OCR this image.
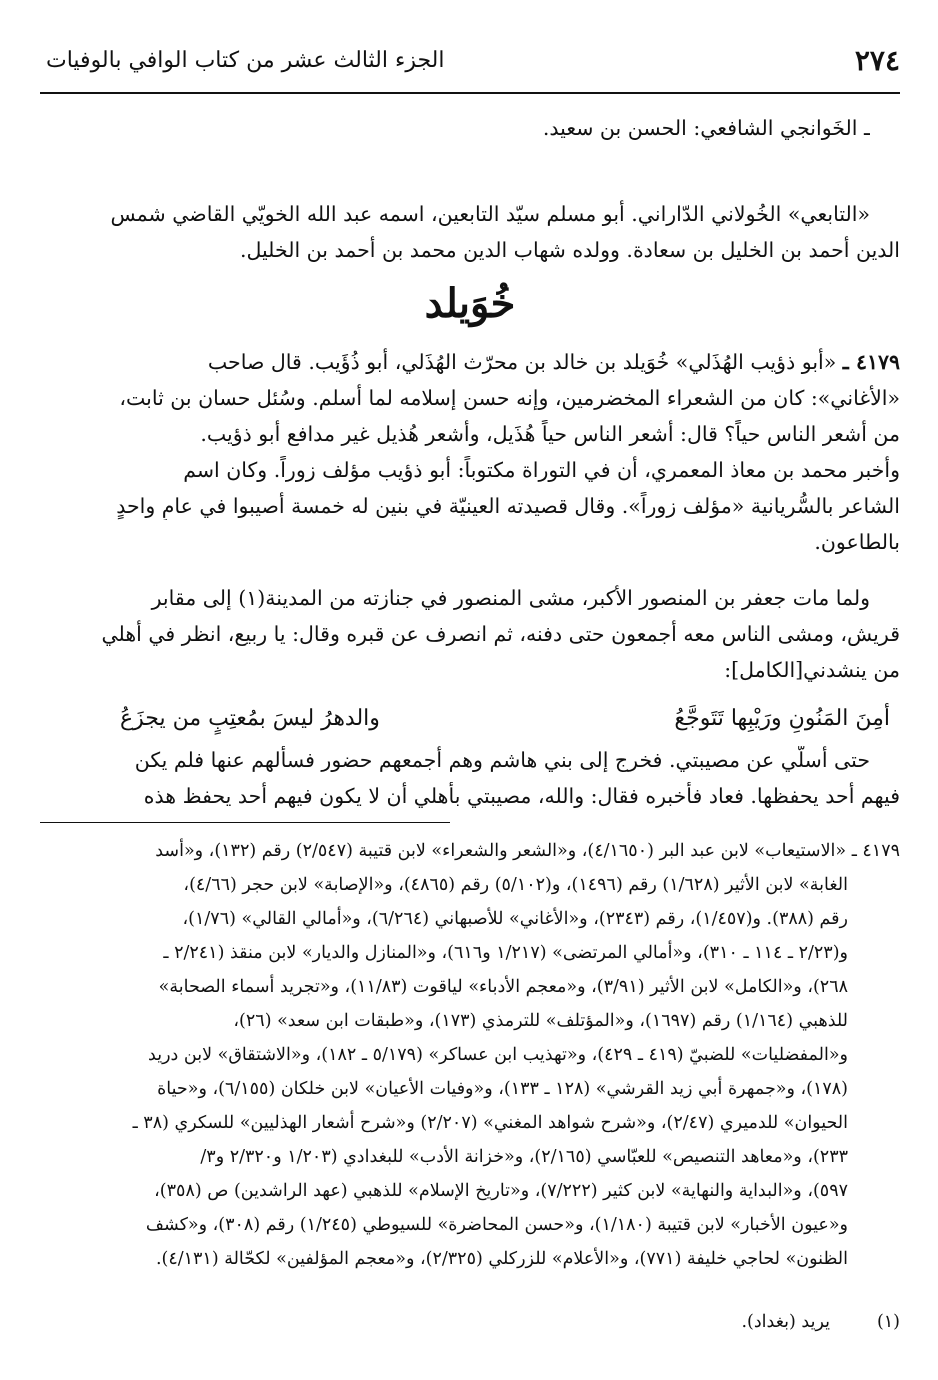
٢٧٤
الجزء الثالث عشر من كتاب الوافي بالوفيات
ـ الخَوانجي الشافعي: الحسن بن سعيد.
«التابعي» الخُولاني الدّاراني. أبو مسلم سيّد التابعين، اسمه عبد الله الخويّي القاضي شمس
الدين أحمد بن الخليل بن سعادة. وولده شهاب الدين محمد بن أحمد بن الخليل.
خُوَيلد
٤١٧٩ ـ «أبو ذؤيب الهُذَلي» خُوَيلد بن خالد بن محرّث الهُذَلي، أبو ذُؤَيب. قال صاحب
«الأغاني»: كان من الشعراء المخضرمين، وإنه حسن إسلامه لما أسلم. وسُئل حسان بن ثابت،
من أشعر الناس حياً؟ قال: أشعر الناس حياً هُذَيل، وأشعر هُذيل غير مدافع أبو ذؤيب.
وأخبر محمد بن معاذ المعمري، أن في التوراة مكتوباً: أبو ذؤيب مؤلف زوراً. وكان اسم
الشاعر بالسُّريانية «مؤلف زوراً». وقال قصيدته العينيّة في بنين له خمسة أصيبوا في عامٍ واحدٍ
بالطاعون.
ولما مات جعفر بن المنصور الأكبر، مشى المنصور في جنازته من المدينة(١) إلى مقابر
قريش، ومشى الناس معه أجمعون حتى دفنه، ثم انصرف عن قبره وقال: يا ربيع، انظر في أهلي
من ينشدني[الكامل]:
أمِنَ المَنُونِ ورَيْبِها تَتَوجَّعُ
والدهرُ ليسَ بمُعتِبٍ من يجزَعُ
حتى أسلّي عن مصيبتي. فخرج إلى بني هاشم وهم أجمعهم حضور فسألهم عنها فلم يكن
فيهم أحد يحفظها. فعاد فأخبره فقال: والله، مصيبتي بأهلي أن لا يكون فيهم أحد يحفظ هذه
٤١٧٩ ـ «الاستيعاب» لابن عبد البر (٤/١٦٥٠)، و«الشعر والشعراء» لابن قتيبة (٢/٥٤٧) رقم (١٣٢)، و«أسد
الغابة» لابن الأثير (١/٦٢٨) رقم (١٤٩٦)، و(٥/١٠٢) رقم (٤٨٦٥)، و«الإصابة» لابن حجر (٤/٦٦)،
رقم (٣٨٨). و(١/٤٥٧)، رقم (٢٣٤٣)، و«الأغاني» للأصبهاني (٦/٢٦٤)، و«أمالي القالي» (١/٧٦)،
و(٢/٢٣ ـ ١١٤ ـ ٣١٠)، و«أمالي المرتضى» (١/٢١٧ و٦١٦)، و«المنازل والديار» لابن منقذ (٢/٢٤١ ـ
٢٦٨)، و«الكامل» لابن الأثير (٣/٩١)، و«معجم الأدباء» لياقوت (١١/٨٣)، و«تجريد أسماء الصحابة»
للذهبي (١/١٦٤) رقم (١٦٩٧)، و«المؤتلف» للترمذي (١٧٣)، و«طبقات ابن سعد» (٢٦)،
و«المفضليات» للضبيّ (٤١٩ ـ ٤٢٩)، و«تهذيب ابن عساكر» (٥/١٧٩ ـ ١٨٢)، و«الاشتقاق» لابن دريد
(١٧٨)، و«جمهرة أبي زيد القرشي» (١٢٨ ـ ١٣٣)، و«وفيات الأعيان» لابن خلكان (٦/١٥٥)، و«حياة
الحيوان» للدميري (٢/٤٧)، و«شرح شواهد المغني» (٢/٢٠٧) و«شرح أشعار الهذليين» للسكري (٣٨ ـ
٢٣٣)، و«معاهد التنصيص» للعبّاسي (٢/١٦٥)، و«خزانة الأدب» للبغدادي (١/٢٠٣ و٢/٣٢٠ و٣/
٥٩٧)، و«البداية والنهاية» لابن كثير (٧/٢٢٢)، و«تاريخ الإسلام» للذهبي (عهد الراشدين) ص (٣٥٨)،
و«عيون الأخبار» لابن قتيبة (١/١٨٠)، و«حسن المحاضرة» للسيوطي (١/٢٤٥) رقم (٣٠٨)، و«كشف
الظنون» لحاجي خليفة (٧٧١)، و«الأعلام» للزركلي (٢/٣٢٥)، و«معجم المؤلفين» لكحّالة (٤/١٣١).
(١)
يريد (بغداد).
